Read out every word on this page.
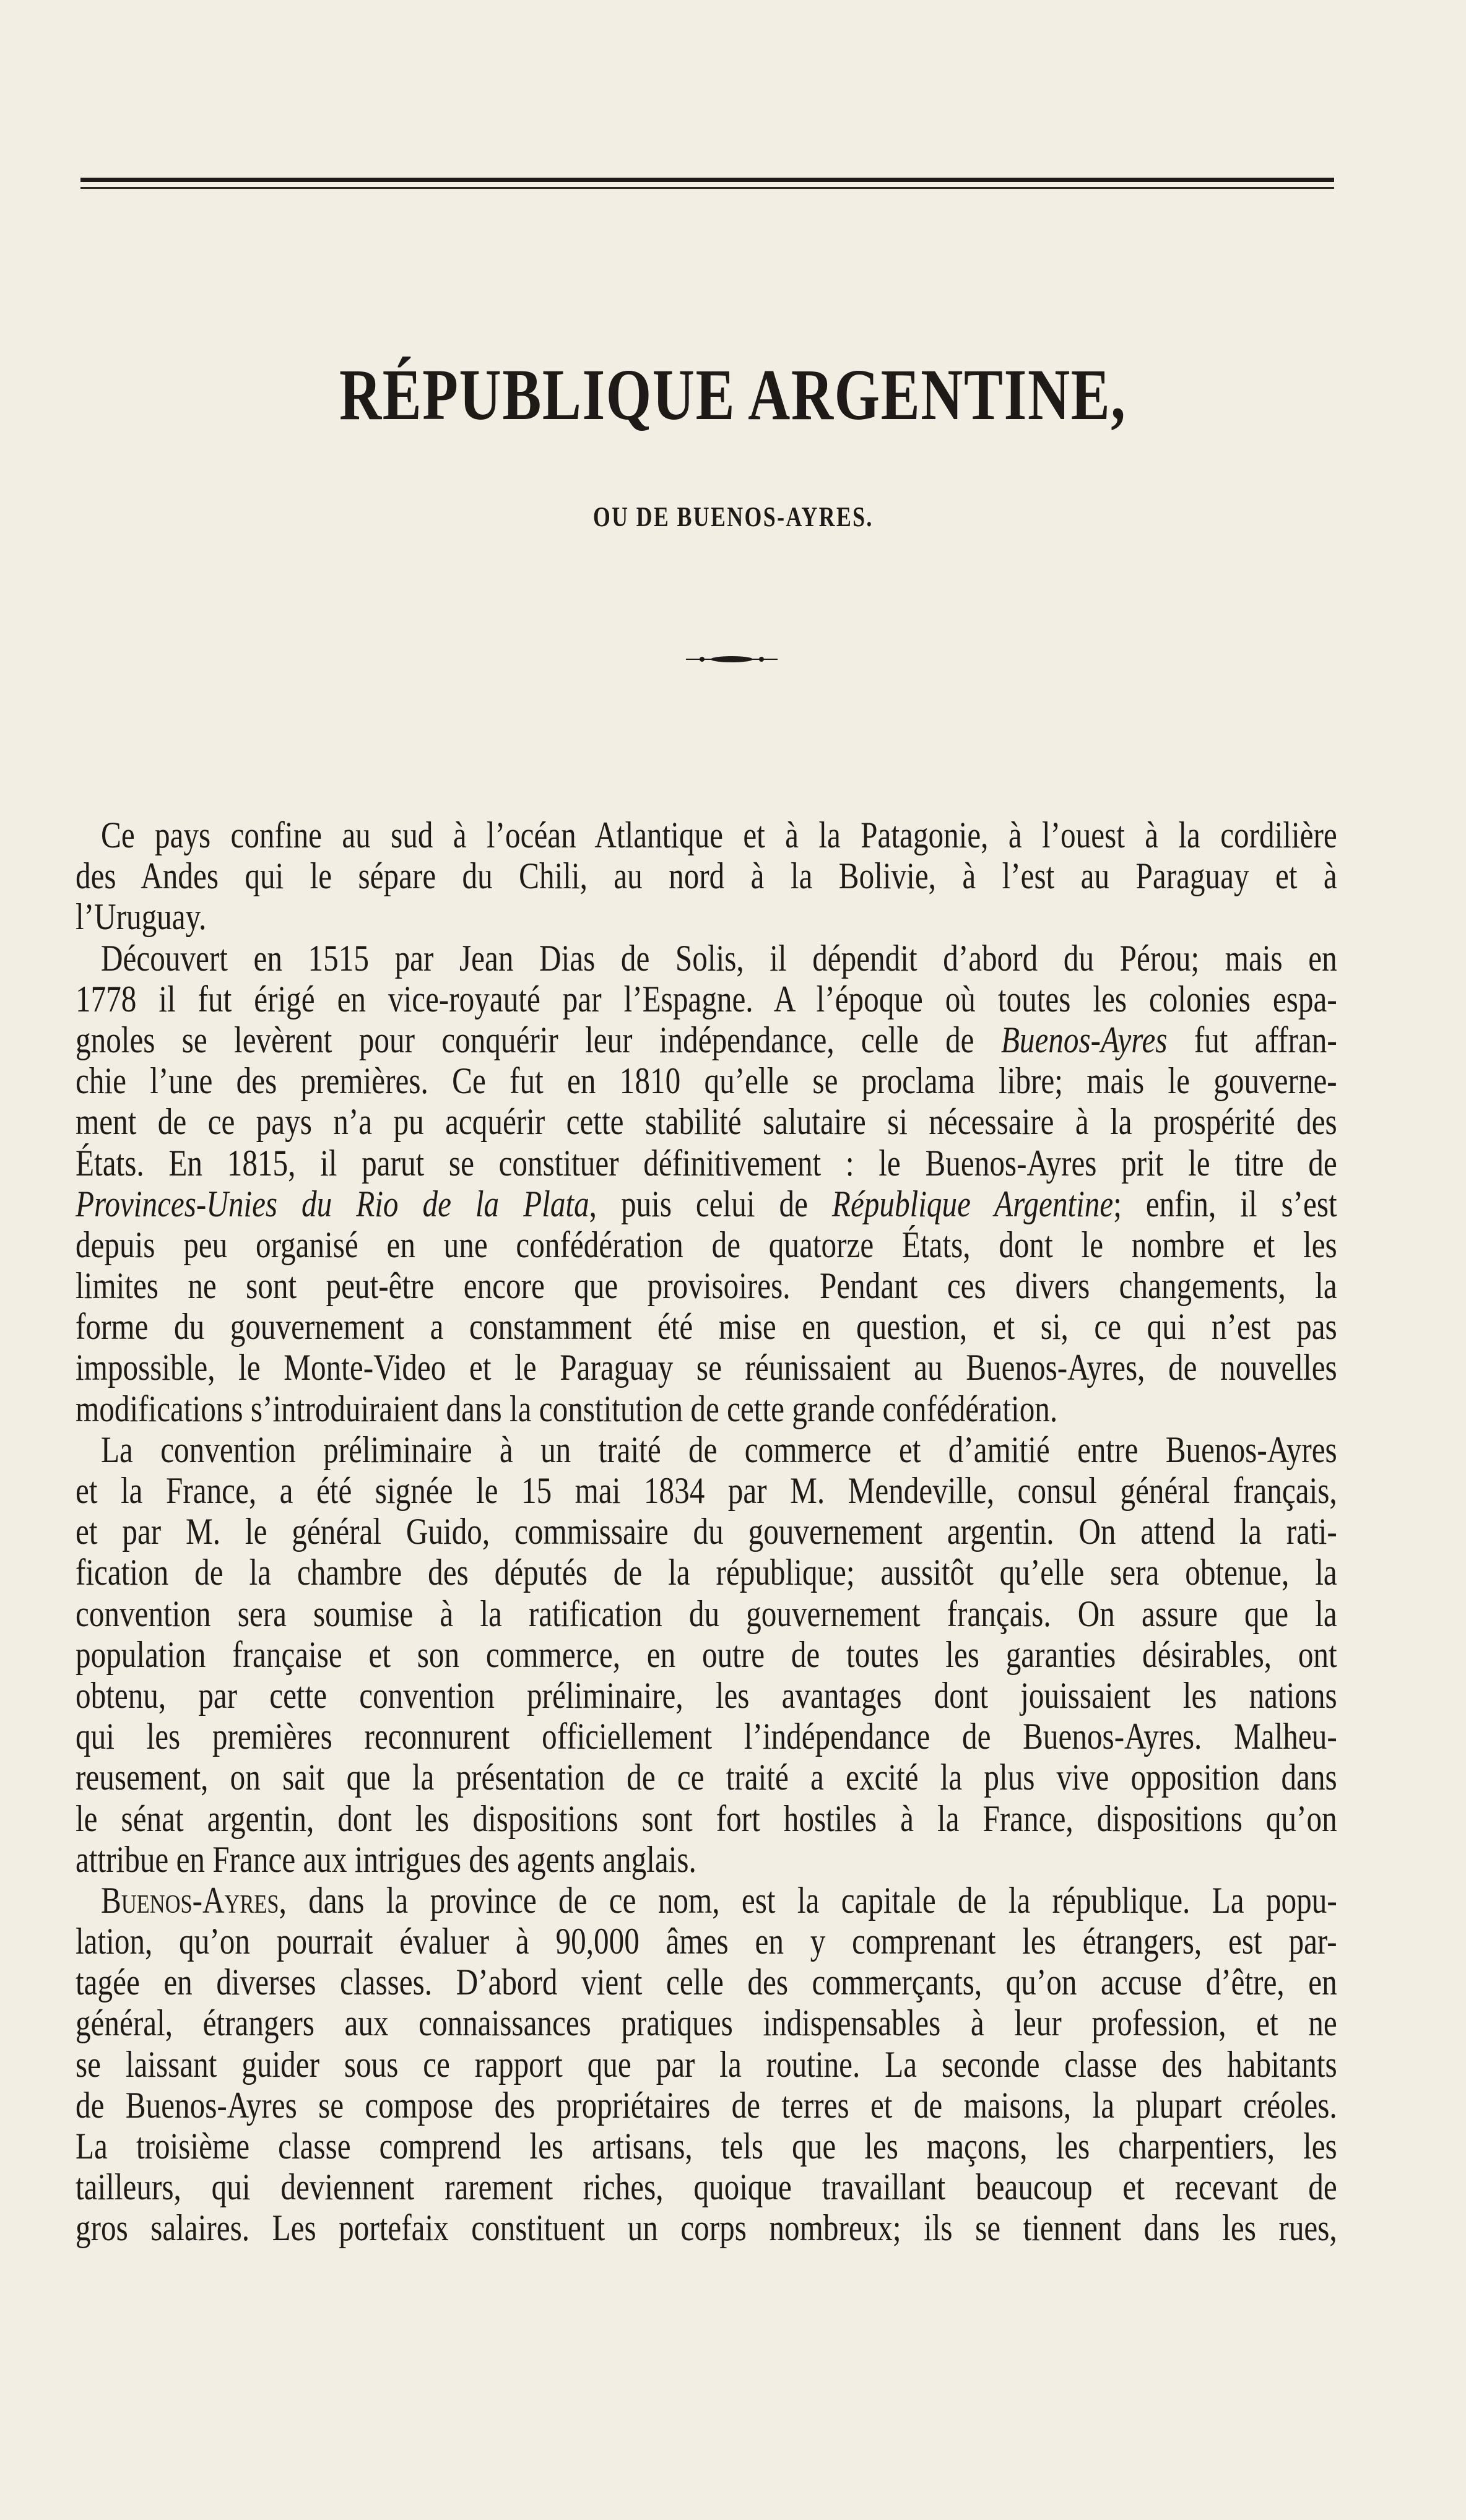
RÉPUBLIQUE ARGENTINE,
OU DE BUENOS-AYRES.
Ce pays confine au sud à l’océan Atlantique et à la Patagonie, à l’ouest à la cordilière
des Andes qui le sépare du Chili, au nord à la Bolivie, à l’est au Paraguay et à
l’Uruguay.
Découvert en 1515 par Jean Dias de Solis, il dépendit d’abord du Pérou; mais en
1778 il fut érigé en vice-royauté par l’Espagne. A l’époque où toutes les colonies espa-
gnoles se levèrent pour conquérir leur indépendance, celle de Buenos-Ayres fut affran-
chie l’une des premières. Ce fut en 1810 qu’elle se proclama libre; mais le gouverne-
ment de ce pays n’a pu acquérir cette stabilité salutaire si nécessaire à la prospérité des
États. En 1815, il parut se constituer définitivement : le Buenos-Ayres prit le titre de
Provinces-Unies du Rio de la Plata, puis celui de République Argentine; enfin, il s’est
depuis peu organisé en une confédération de quatorze États, dont le nombre et les
limites ne sont peut-être encore que provisoires. Pendant ces divers changements, la
forme du gouvernement a constamment été mise en question, et si, ce qui n’est pas
impossible, le Monte-Video et le Paraguay se réunissaient au Buenos-Ayres, de nouvelles
modifications s’introduiraient dans la constitution de cette grande confédération.
La convention préliminaire à un traité de commerce et d’amitié entre Buenos-Ayres
et la France, a été signée le 15 mai 1834 par M. Mendeville, consul général français,
et par M. le général Guido, commissaire du gouvernement argentin. On attend la rati-
fication de la chambre des députés de la république; aussitôt qu’elle sera obtenue, la
convention sera soumise à la ratification du gouvernement français. On assure que la
population française et son commerce, en outre de toutes les garanties désirables, ont
obtenu, par cette convention préliminaire, les avantages dont jouissaient les nations
qui les premières reconnurent officiellement l’indépendance de Buenos-Ayres. Malheu-
reusement, on sait que la présentation de ce traité a excité la plus vive opposition dans
le sénat argentin, dont les dispositions sont fort hostiles à la France, dispositions qu’on
attribue en France aux intrigues des agents anglais.
Buenos-Ayres, dans la province de ce nom, est la capitale de la république. La popu-
lation, qu’on pourrait évaluer à 90,000 âmes en y comprenant les étrangers, est par-
tagée en diverses classes. D’abord vient celle des commerçants, qu’on accuse d’être, en
général, étrangers aux connaissances pratiques indispensables à leur profession, et ne
se laissant guider sous ce rapport que par la routine. La seconde classe des habitants
de Buenos-Ayres se compose des propriétaires de terres et de maisons, la plupart créoles.
La troisième classe comprend les artisans, tels que les maçons, les charpentiers, les
tailleurs, qui deviennent rarement riches, quoique travaillant beaucoup et recevant de
gros salaires. Les portefaix constituent un corps nombreux; ils se tiennent dans les rues,
